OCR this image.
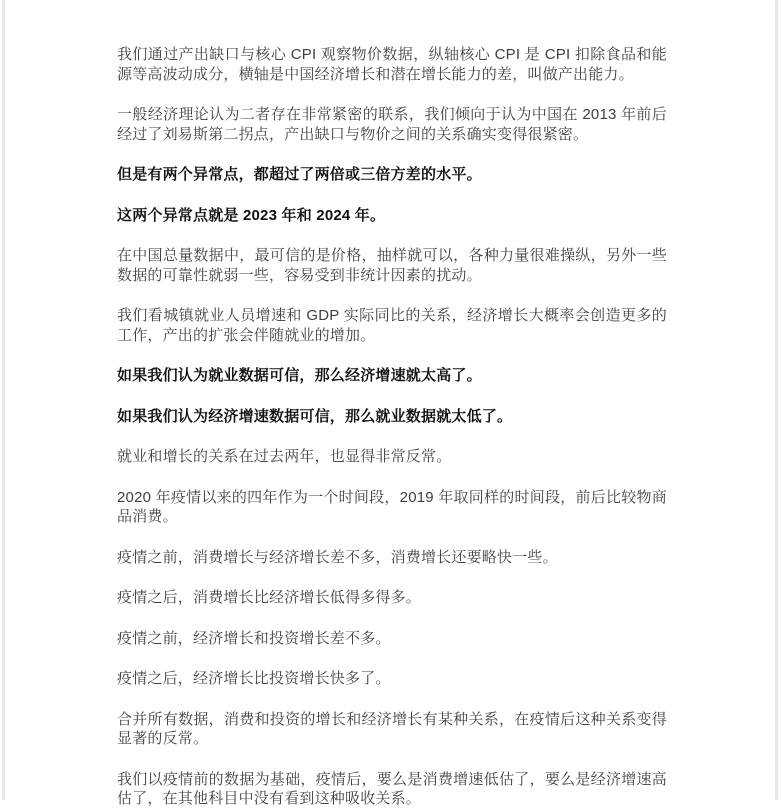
我们通过产出缺口与核心 CPI 观察物价数据，纵轴核心 CPI 是 CPI 扣除食品和能源等高波动成分，横轴是中国经济增长和潜在增长能力的差，叫做产出能力。

一般经济理论认为二者存在非常紧密的联系，我们倾向于认为中国在 2013 年前后经过了刘易斯第二拐点，产出缺口与物价之间的关系确实变得很紧密。

但是有两个异常点，都超过了两倍或三倍方差的水平。

这两个异常点就是 2023 年和 2024 年。

在中国总量数据中，最可信的是价格，抽样就可以，各种力量很难操纵，另外一些数据的可靠性就弱一些，容易受到非统计因素的扰动。

我们看城镇就业人员增速和 GDP 实际同比的关系，经济增长大概率会创造更多的工作，产出的扩张会伴随就业的增加。

如果我们认为就业数据可信，那么经济增速就太高了。

如果我们认为经济增速数据可信，那么就业数据就太低了。

就业和增长的关系在过去两年，也显得非常反常。

2020 年疫情以来的四年作为一个时间段，2019 年取同样的时间段，前后比较物商品消费。

疫情之前，消费增长与经济增长差不多，消费增长还要略快一些。

疫情之后，消费增长比经济增长低得多得多。

疫情之前，经济增长和投资增长差不多。

疫情之后，经济增长比投资增长快多了。

合并所有数据，消费和投资的增长和经济增长有某种关系，在疫情后这种关系变得显著的反常。

我们以疫情前的数据为基础，疫情后，要么是消费增速低估了，要么是经济增速高估了，在其他科目中没有看到这种吸收关系。
